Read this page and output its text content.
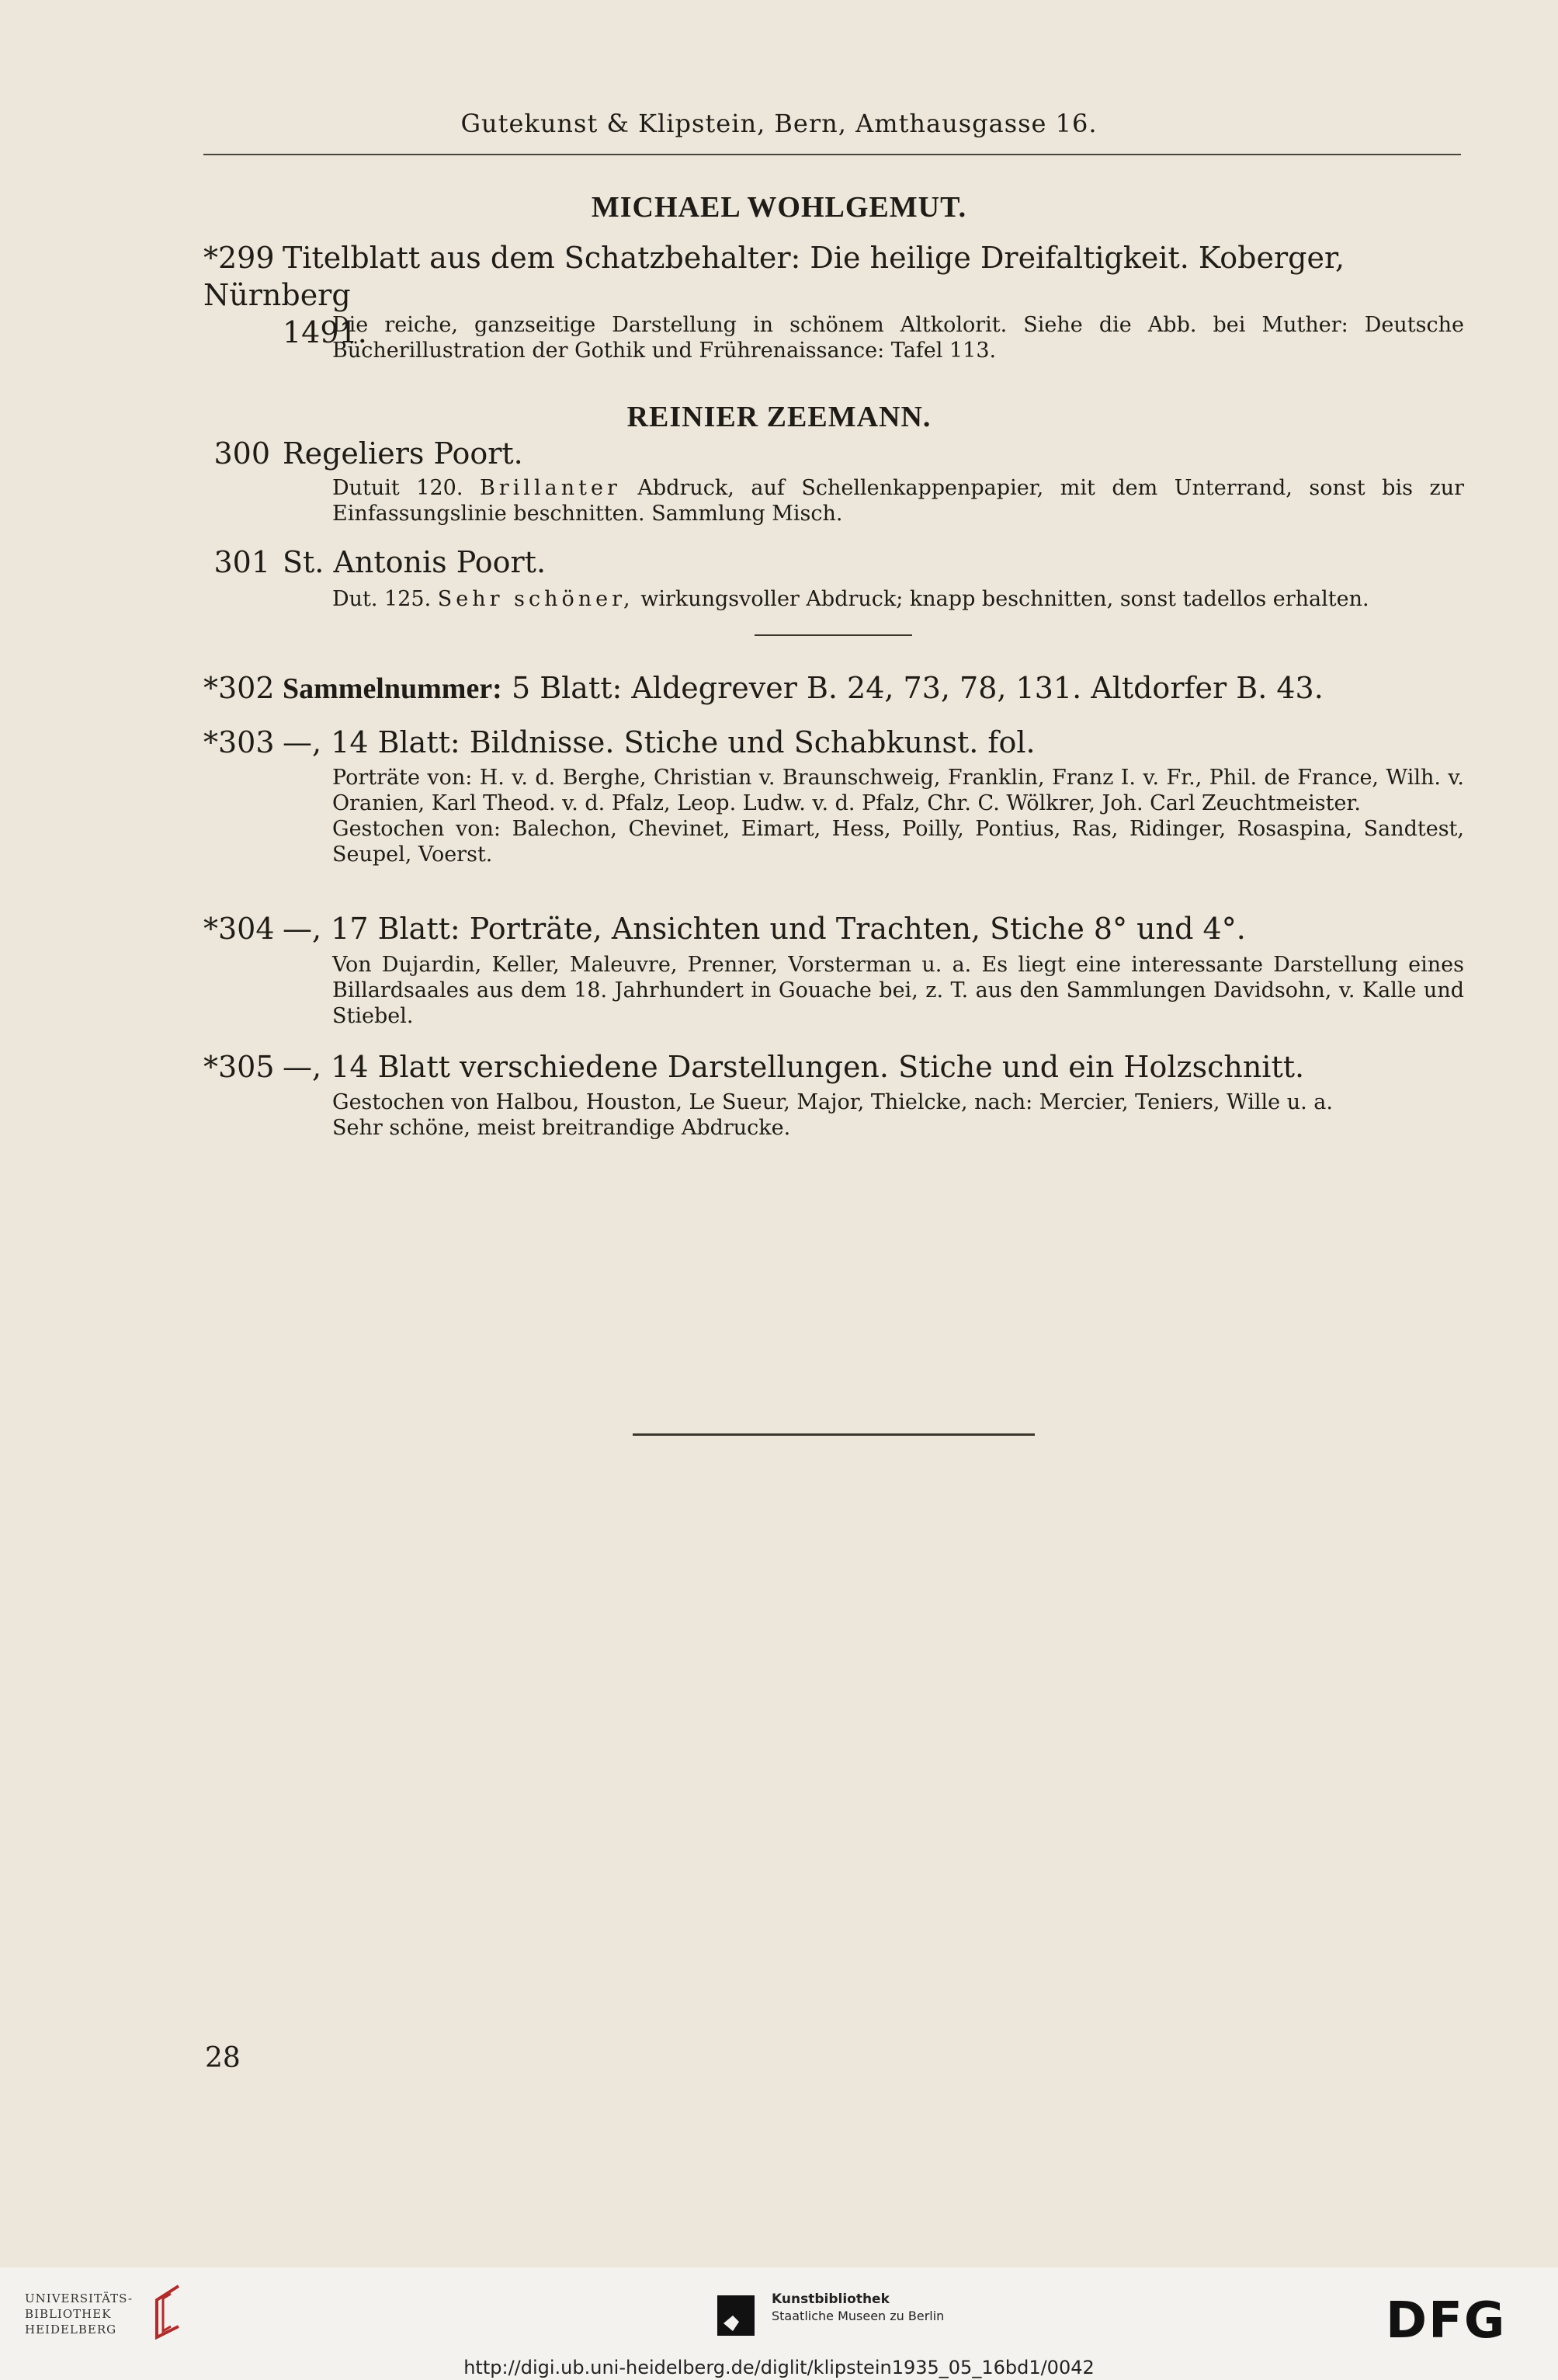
Gutekunst & Klipstein, Bern, Amthausgasse 16.
MICHAEL WOHLGEMUT.
*299 Titelblatt aus dem Schatzbehalter: Die heilige Dreifaltigkeit. Koberger, Nürnberg
1491.
Die reiche, ganzseitige Darstellung in schönem Altkolorit. Siehe die Abb. bei Muther: Deutsche Bücherillustration der Gothik und Frührenaissance: Tafel 113.
REINIER ZEEMANN.
300 Regeliers Poort.
Dutuit 120. Brillanter Abdruck, auf Schellenkappenpapier, mit dem Unterrand, sonst bis zur Einfassungslinie beschnitten. Sammlung Misch.
301 St. Antonis Poort.
Dut. 125. Sehr schöner, wirkungsvoller Abdruck; knapp beschnitten, sonst tadellos erhalten.
*302 Sammelnummer: 5 Blatt: Aldegrever B. 24, 73, 78, 131. Altdorfer B. 43.
*303 —, 14 Blatt: Bildnisse. Stiche und Schabkunst. fol.

Porträte von: H. v. d. Berghe, Christian v. Braunschweig, Franklin, Franz I. v. Fr., Phil. de France, Wilh. v. Oranien, Karl Theod. v. d. Pfalz, Leop. Ludw. v. d. Pfalz, Chr. C. Wölkrer, Joh. Carl Zeuchtmeister.

Gestochen von: Balechon, Chevinet, Eimart, Hess, Poilly, Pontius, Ras, Ridinger, Rosaspina, Sandtest, Seupel, Voerst.

*304 —, 17 Blatt: Porträte, Ansichten und Trachten, Stiche 8° und 4°.
Von Dujardin, Keller, Maleuvre, Prenner, Vorsterman u. a. Es liegt eine interessante Darstellung eines Billardsaales aus dem 18. Jahrhundert in Gouache bei, z. T. aus den Sammlungen Davidsohn, v. Kalle und Stiebel.
*305 —, 14 Blatt verschiedene Darstellungen. Stiche und ein Holzschnitt.

Gestochen von Halbou, Houston, Le Sueur, Major, Thielcke, nach: Mercier, Teniers, Wille u. a.

Sehr schöne, meist breitrandige Abdrucke.

28
UNIVERSITÄTS-
BIBLIOTHEK
HEIDELBERG
Kunstbibliothek
Staatliche Museen zu Berlin	DFG
http://digi.ub.uni-heidelberg.de/diglit/klipstein1935_05_16bd1/0042
